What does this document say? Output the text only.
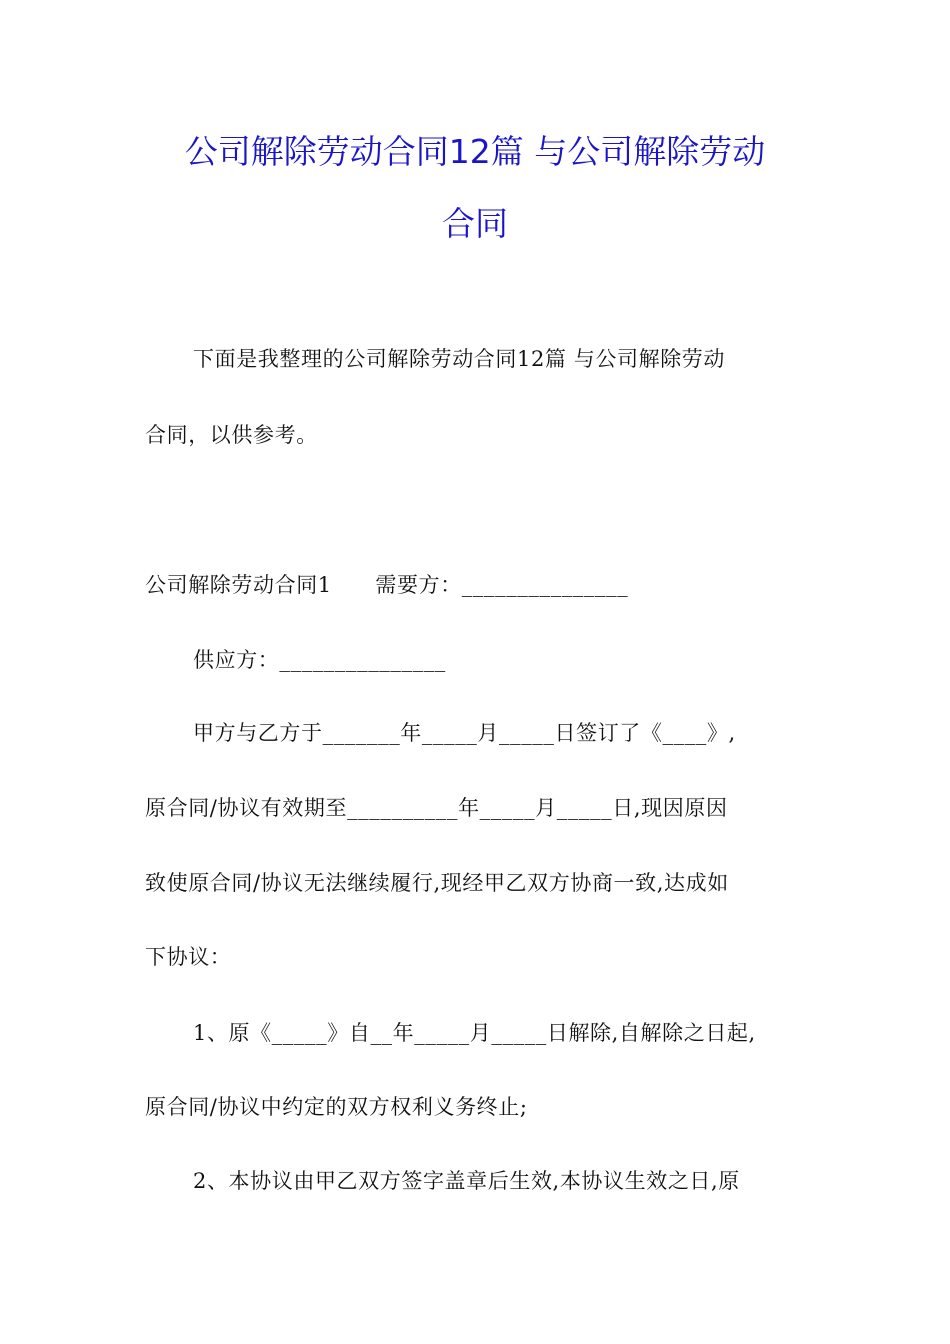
公司解除劳动合同12篇 与公司解除劳动
合同
下面是我整理的公司解除劳动合同12篇 与公司解除劳动
合同，以供参考。
公司解除劳动合同1      需要方：_______________
供应方：_______________
甲方与乙方于_______年_____月_____日签订了《____》,
原合同/协议有效期至__________年_____月_____日,现因原因
致使原合同/协议无法继续履行,现经甲乙双方协商一致,达成如
下协议：
1、原《_____》自__年_____月_____日解除,自解除之日起,
原合同/协议中约定的双方权利义务终止;
2、本协议由甲乙双方签字盖章后生效,本协议生效之日,原
